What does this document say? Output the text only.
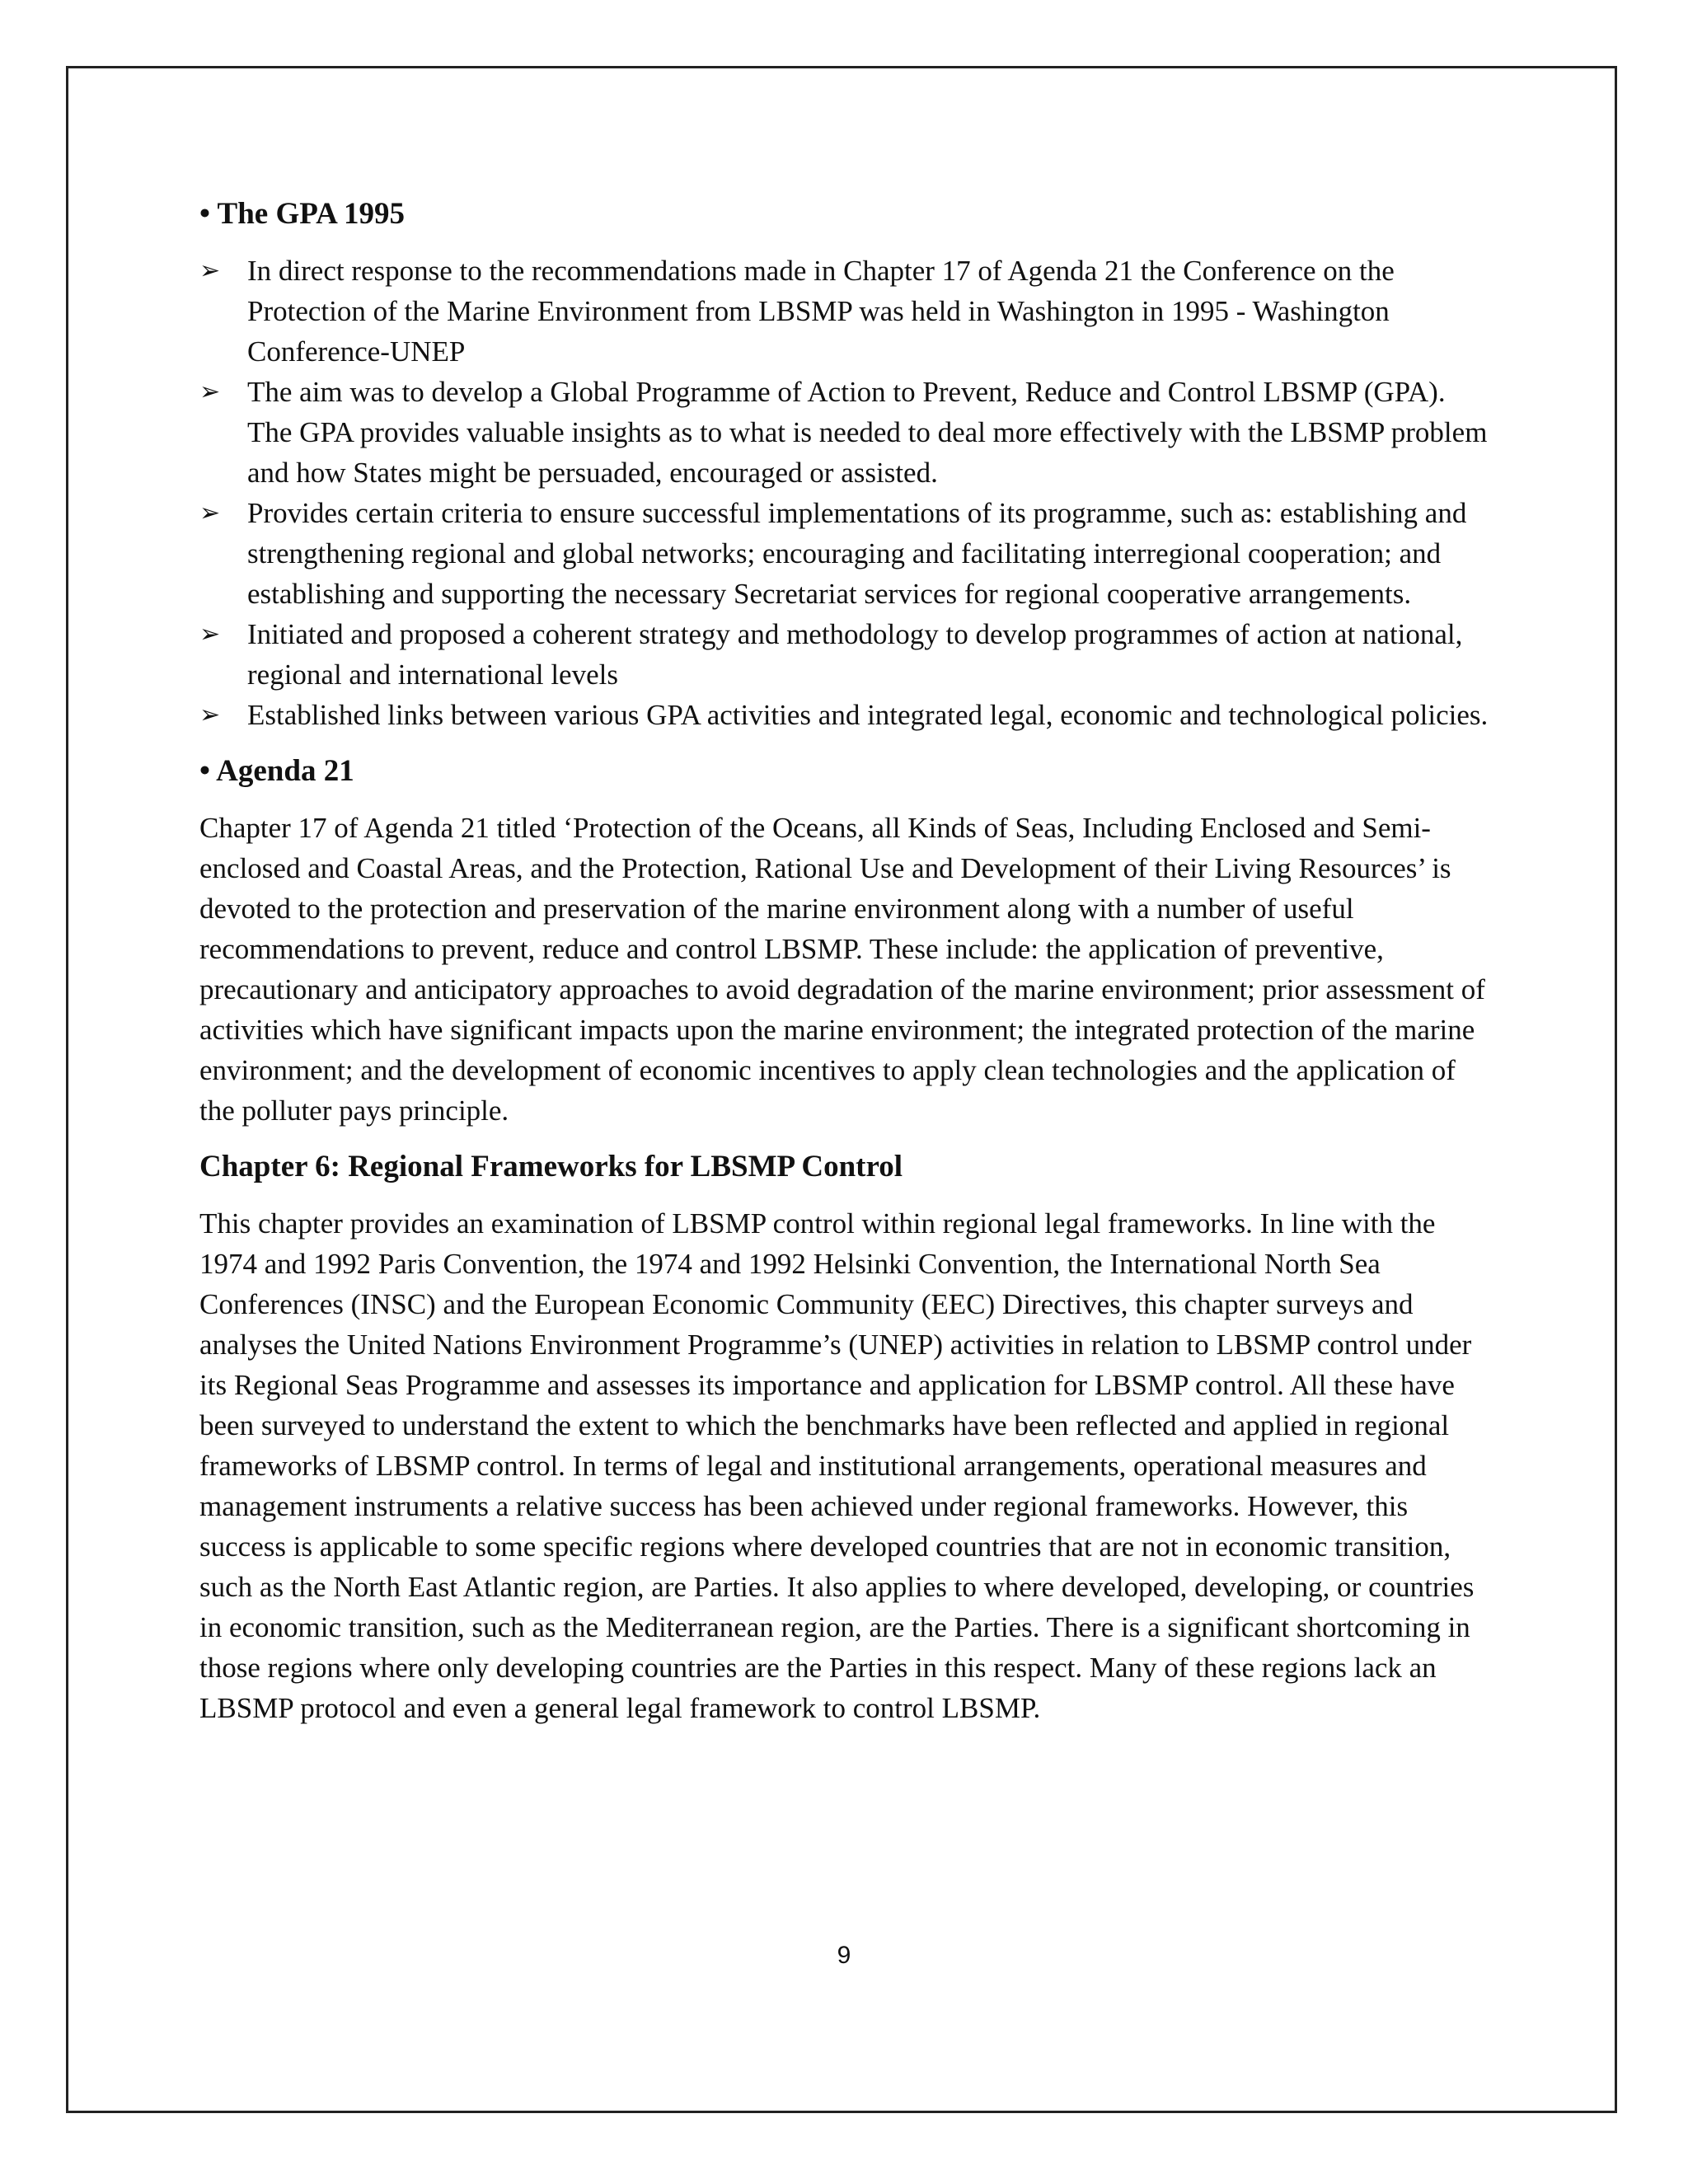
• The GPA 1995
➢ In direct response to the recommendations made in Chapter 17 of Agenda 21 the Conference on the Protection of the Marine Environment from LBSMP was held in Washington in 1995 - Washington Conference-UNEP
➢ The aim was to develop a Global Programme of Action to Prevent, Reduce and Control LBSMP (GPA). The GPA provides valuable insights as to what is needed to deal more effectively with the LBSMP problem and how States might be persuaded, encouraged or assisted.
➢ Provides certain criteria to ensure successful implementations of its programme, such as: establishing and strengthening regional and global networks; encouraging and facilitating interregional cooperation; and establishing and supporting the necessary Secretariat services for regional cooperative arrangements.
➢ Initiated and proposed a coherent strategy and methodology to develop programmes of action at national, regional and international levels
➢ Established links between various GPA activities and integrated legal, economic and technological policies.
• Agenda 21

Chapter 17 of Agenda 21 titled ‘Protection of the Oceans, all Kinds of Seas, Including Enclosed and Semi- enclosed and Coastal Areas, and the Protection, Rational Use and Development of their Living Resources’ is devoted to the protection and preservation of the marine environment along with a number of useful recommendations to prevent, reduce and control LBSMP. These include: the application of preventive, precautionary and anticipatory approaches to avoid degradation of the marine environment; prior assessment of activities which have significant impacts upon the marine environment; the integrated protection of the marine environment; and the development of economic incentives to apply clean technologies and the application of the polluter pays principle.

Chapter 6: Regional Frameworks for LBSMP Control

This chapter provides an examination of LBSMP control within regional legal frameworks. In line with the 1974 and 1992 Paris Convention, the 1974 and 1992 Helsinki Convention, the International North Sea Conferences (INSC) and the European Economic Community (EEC) Directives, this chapter surveys and analyses the United Nations Environment Programme’s (UNEP) activities in relation to LBSMP control under its Regional Seas Programme and assesses its importance and application for LBSMP control. All these have been surveyed to understand the extent to which the benchmarks have been reflected and applied in regional frameworks of LBSMP control. In terms of legal and institutional arrangements, operational measures and management instruments a relative success has been achieved under regional frameworks. However, this success is applicable to some specific regions where developed countries that are not in economic transition, such as the North East Atlantic region, are Parties. It also applies to where developed, developing, or countries in economic transition, such as the Mediterranean region, are the Parties. There is a significant shortcoming in those regions where only developing countries are the Parties in this respect. Many of these regions lack an LBSMP protocol and even a general legal framework to control LBSMP.

9
